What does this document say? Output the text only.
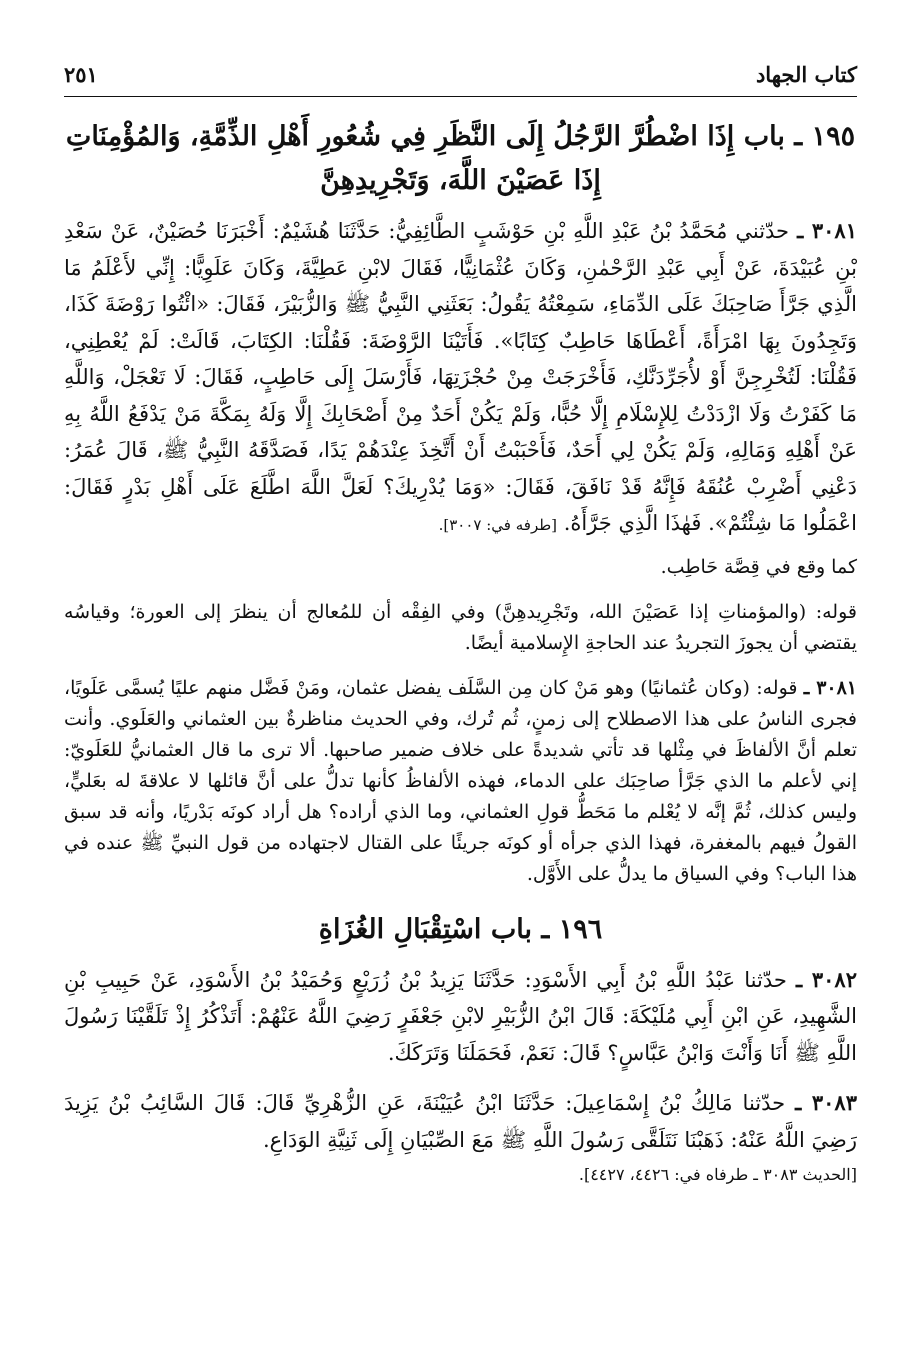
كتاب الجهاد
٢٥١
١٩٥ ـ باب إِذَا اضْطُرَّ الرَّجُلُ إِلَى النَّظَرِ فِي شُعُورِ أَهْلِ الذِّمَّةِ، وَالمُؤْمِنَاتِ إِذَا عَصَيْنَ اللَّهَ، وَتَجْرِيدِهِنَّ

٣٠٨١ ـ حدّثني مُحَمَّدُ بْنُ عَبْدِ اللَّهِ بْنِ حَوْشَبٍ الطَّائِفِيُّ: حَدَّثَنَا هُشَيْمٌ: أَخْبَرَنَا حُصَيْنٌ، عَنْ سَعْدِ بْنِ عُبَيْدَةَ، عَنْ أَبِي عَبْدِ الرَّحْمٰنِ، وَكَانَ عُثْمَانِيًّا، فَقَالَ لابْنِ عَطِيَّةَ، وَكَانَ عَلَوِيًّا: إِنِّي لأَعْلَمُ مَا الَّذِي جَرَّأَ صَاحِبَكَ عَلَى الدِّمَاءِ، سَمِعْتُهُ يَقُولُ: بَعَثَنِي النَّبِيُّ ﷺ وَالزُّبَيْرَ، فَقَالَ: «ائْتُوا رَوْضَةَ كَذَا، وَتَجِدُونَ بِهَا امْرَأَةً، أَعْطَاهَا حَاطِبٌ كِتَابًا». فَأَتَيْنَا الرَّوْضَةَ: فَقُلْنَا: الكِتَابَ، قَالَتْ: لَمْ يُعْطِنِي، فَقُلْنَا: لَتُخْرِجِنَّ أَوْ لأُجَرِّدَنَّكِ، فَأَخْرَجَتْ مِنْ حُجْزَتِهَا، فَأَرْسَلَ إِلَى حَاطِبٍ، فَقَالَ: لَا تَعْجَلْ، وَاللَّهِ مَا كَفَرْتُ وَلَا ازْدَدْتُ لِلإِسْلَامِ إِلَّا حُبًّا، وَلَمْ يَكُنْ أَحَدٌ مِنْ أَصْحَابِكَ إِلَّا وَلَهُ بِمَكَّةَ مَنْ يَدْفَعُ اللَّهُ بِهِ عَنْ أَهْلِهِ وَمَالِهِ، وَلَمْ يَكُنْ لِي أَحَدٌ، فَأَحْبَبْتُ أَنْ أَتَّخِذَ عِنْدَهُمْ يَدًا، فَصَدَّقَهُ النَّبِيُّ ﷺ، قَالَ عُمَرُ: دَعْنِي أَضْرِبْ عُنُقَهُ فَإِنَّهُ قَدْ نَافَقَ، فَقَالَ: «وَمَا يُدْرِيكَ؟ لَعَلَّ اللَّهَ اطَّلَعَ عَلَى أَهْلِ بَدْرٍ فَقَالَ: اعْمَلُوا مَا شِئْتُمْ». فَهٰذَا الَّذِي جَرَّأَهُ. [طرفه في: ٣٠٠٧].

كما وقع في قِصَّة حَاطِب.

قوله: (والمؤمناتِ إذا عَصَيْنَ الله، وتَجْرِيدهِنَّ) وفي الفِقْه أن للمُعالج أن ينظرَ إلى العورة؛ وقياسُه يقتضي أن يجوزَ التجريدُ عند الحاجةِ الإِسلامية أيضًا.

٣٠٨١ ـ قوله: (وكان عُثمانيًا) وهو مَنْ كان مِن السَّلَف يفضل عثمان، ومَنْ فَضَّل منهم عليًا يُسمَّى عَلَويًا، فجرى الناسُ على هذا الاصطلاح إلى زمنٍ، ثُم تُرك، وفي الحديث مناظرةٌ بين العثماني والعَلَوي. وأنت تعلم أنَّ الألفاظَ في مِثْلها قد تأتي شديدةً على خلاف ضمير صاحبها. ألا ترى ما قال العثمانيُّ للعَلَويّ: إني لأعلم ما الذي جَرَّأ صاحِبَك على الدماء، فهذه الألفاظُ كأنها تدلُّ على أنَّ قائلها لا علاقةَ له بعَليٍّ، وليس كذلك، ثُمَّ إنَّه لا يُعْلم ما مَحَطُّ قولِ العثماني، وما الذي أراده؟ هل أراد كونَه بَدْريًا، وأنه قد سبق القولُ فيهم بالمغفرة، فهذا الذي جرأه أو كونَه جريئًا على القتال لاجتهاده من قول النبيِّ ﷺ عنده في هذا الباب؟ وفي السياق ما يدلُّ على الأَوَّل.

١٩٦ ـ باب اسْتِقْبَالِ الغُزَاةِ

٣٠٨٢ ـ حدّثنا عَبْدُ اللَّهِ بْنُ أَبِي الأَسْوَدِ: حَدَّثَنَا يَزِيدُ بْنُ زُرَيْعٍ وَحُمَيْدُ بْنُ الأَسْوَدِ، عَنْ حَبِيبِ بْنِ الشَّهِيدِ، عَنِ ابْنِ أَبِي مُلَيْكَةَ: قَالَ ابْنُ الزُّبَيْرِ لابْنِ جَعْفَرٍ رَضِيَ اللَّهُ عَنْهُمْ: أَتَذْكُرُ إِذْ تَلَقَّيْنَا رَسُولَ اللَّهِ ﷺ أَنَا وَأَنْتَ وَابْنُ عَبَّاسٍ؟ قَالَ: نَعَمْ، فَحَمَلَنَا وَتَرَكَكَ.

٣٠٨٣ ـ حدّثنا مَالِكُ بْنُ إِسْمَاعِيلَ: حَدَّثَنَا ابْنُ عُيَيْنَةَ، عَنِ الزُّهْرِيِّ قَالَ: قَالَ السَّائِبُ بْنُ يَزِيدَ رَضِيَ اللَّهُ عَنْهُ: ذَهَبْنَا نَتَلَقَّى رَسُولَ اللَّهِ ﷺ مَعَ الصِّبْيَانِ إِلَى ثَنِيَّةِ الوَدَاعِ.

[الحديث ٣٠٨٣ ـ طرفاه في: ٤٤٢٦، ٤٤٢٧].
